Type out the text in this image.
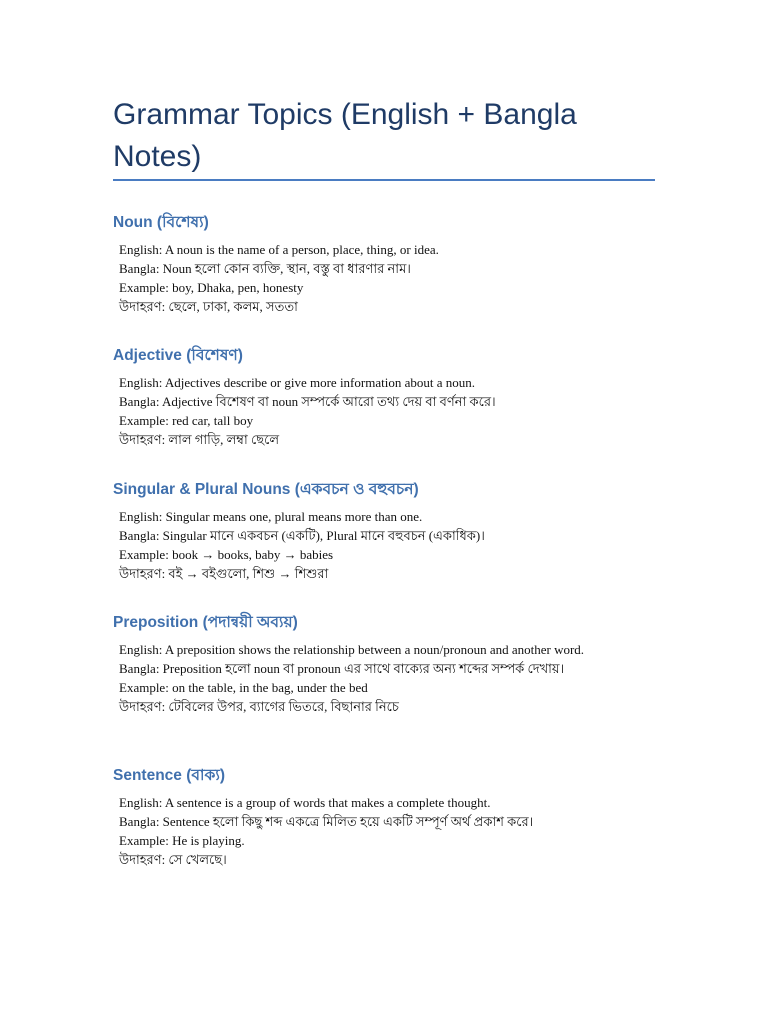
Grammar Topics (English + Bangla Notes)
Noun (বিশেষ্য)

English: A noun is the name of a person, place, thing, or idea.

Bangla: Noun হলো কোন ব্যক্তি, স্থান, বস্তু বা ধারণার নাম।

Example: boy, Dhaka, pen, honesty

উদাহরণ: ছেলে, ঢাকা, কলম, সততা

Adjective (বিশেষণ)

English: Adjectives describe or give more information about a noun.

Bangla: Adjective বিশেষণ বা noun সম্পর্কে আরো তথ্য দেয় বা বর্ণনা করে।

Example: red car, tall boy

উদাহরণ: লাল গাড়ি, লম্বা ছেলে

Singular & Plural Nouns (একবচন ও বহুবচন)

English: Singular means one, plural means more than one.

Bangla: Singular মানে একবচন (একটি), Plural মানে বহুবচন (একাধিক)।

Example: book → books, baby → babies

উদাহরণ: বই → বইগুলো, শিশু → শিশুরা

Preposition (পদান্বয়ী অব্যয়)

English: A preposition shows the relationship between a noun/pronoun and another word.

Bangla: Preposition হলো noun বা pronoun এর সাথে বাক্যের অন্য শব্দের সম্পর্ক দেখায়।

Example: on the table, in the bag, under the bed

উদাহরণ: টেবিলের উপর, ব্যাগের ভিতরে, বিছানার নিচে

Sentence (বাক্য)

English: A sentence is a group of words that makes a complete thought.

Bangla: Sentence হলো কিছু শব্দ একত্রে মিলিত হয়ে একটি সম্পূর্ণ অর্থ প্রকাশ করে।

Example: He is playing.

উদাহরণ: সে খেলছে।
